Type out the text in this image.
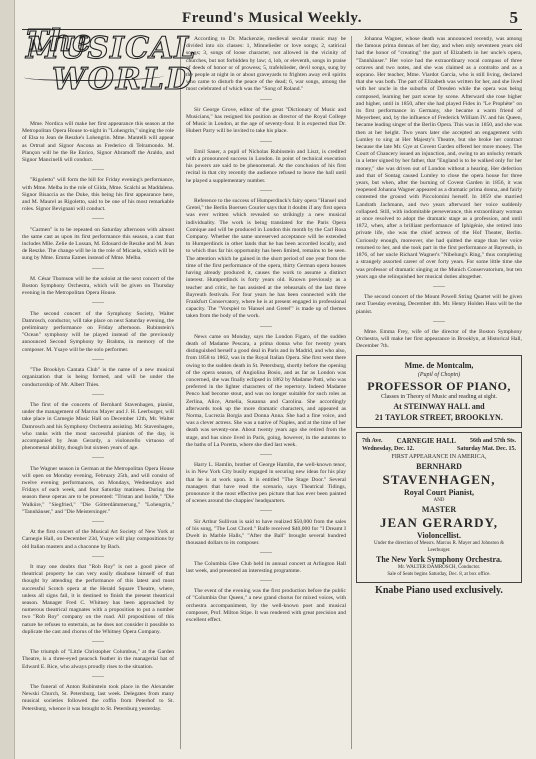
Freund's Musical Weekly.	5
The MUSICAL
WORLD

Mme. Nordica will make her first appearance this season at the Metropolitan Opera House to-night in "Lohengrin," singing the role of Elsa to Jean de Reszke's Lohengrin. Mme. Mantelli will appear as Ortrud and Signor Ancona as Frederico di Telramondo. M. Plançon will be the Re Enrico, Signor Abramoff the Araldo, and Signor Mancinelli will conduct.

——

"Rigoletto" will form the bill for Friday evening's performance, with Mme. Melba in the role of Gilda, Mme. Scalchi as Maddalena. Signor Bisaccia as the Duke, this being his first appearance here, and M. Maurel as Rigoletto, said to be one of his most remarkable roles. Signor Bevignani will conduct.

——

"Carmen" is to be repeated on Saturday afternoon with almost the same cast as upon its first performance this season, a cast that includes Mlle. Zelie de Lussan, M. Edouard de Reszke and M. Jean de Reszke. The change will be in the role of Micaela, which will be sung by Mme. Emma Eames instead of Mme. Melba.

——

M. César Thomson will be the soloist at the next concert of the Boston Symphony Orchestra, which will be given on Thursday evening in the Metropolitan Opera House.

——

The second concert of the Symphony Society, Walter Damrosch, conductor, will take place on next Saturday evening, the preliminary performance on Friday afternoon. Rubinstein's "Ocean" symphony will be played instead of the previously announced Second Symphony by Brahms, in memory of the composer. M. Ysaye will be the solo performer.

——

"The Brooklyn Cantata Club" is the name of a new musical organization that is being formed, and will be under the conductorship of Mr. Albert Thies.

——

The first of the concerts of Bernhard Stavenhagen, pianist, under the management of Marcus Mayer and J. H. Leerburger, will take place in Carnegie Music Hall on December 12th, Mr. Walter Damrosch and his Symphony Orchestra assisting. Mr. Stavenhagen, who ranks with the most successful pianists of the day, is accompanied by Jean Gerardy, a violoncello virtuoso of phenomenal ability, though but sixteen years of age.

——

The Wagner season in German at the Metropolitan Opera House will open on Monday evening, February 25th, and will consist of twelve evening performances, on Mondays, Wednesdays and Fridays of each week, and four Saturday matinees. During the season these operas are to be presented: "Tristan and Isolde," "Die Walküre," "Siegfried," "Die Götterdämmerung," "Lohengrin," "Tannhäuser," and "Die Meistersinger."

——

At the first concert of the Musical Art Society of New York at Carnegie Hall, on December 23d, Ysaye will play compositions by old Italian masters and a chaconne by Bach.

——

It may one doubts that "Rob Roy" is not a good piece of theatrical property he can very easily disabuse himself of that thought by attending the performance of this latest and most successful Scotch opera at the Herald Square Theatre, where, unless all signs fail, it is destined to finish the present theatrical season. Manager Fred C. Whitney has been approached by numerous theatrical magnates with a proposition to put a number two "Rob Roy" company on the road. All propositions of this nature he refuses to entertain, as he does not consider it possible to duplicate the cast and chorus of the Whitney Opera Company.

——

The triumph of "Little Christopher Columbus," at the Garden Theatre, is a three-eyed peacock feather in the managerial hat of Edward E. Rice, who always proudly rises to the situation.

——

The funeral of Anton Rubinstein took place in the Alexander Newski Church, St. Petersburg, last week. Delegates from many musical societies followed the coffin from Peterhof to St. Petersburg, whence it was brought to St. Petersburg yesterday.

According to Dr. Mackenzie, medieval secular music may be divided into six classes: 1, Minnelieder or love songs; 2, satirical songs; 3, songs of loose character, not allowed in the vicinity of churches, but not forbidden by law; 4, lob, or eleventh, songs in praise of deeds of honor or of prowess; 5, trafelslieder, devil songs, sung by the people at night in or about graveyards to frighten away evil spirits who came to disturb the peace of the dead; 6, war songs, among the most celebrated of which was the "Song of Roland."

——

Sir George Grove, editor of the great "Dictionary of Music and Musicians," has resigned his position as director of the Royal College of Music in London, at the age of seventy-four. It is expected that Dr. Hubert Parry will be invited to take his place.

——

Emil Sauer, a pupil of Nicholas Rubinstein and Liszt, is credited with a pronounced success in London. In point of technical execution his powers are said to be phenomenal. At the conclusion of his first recital in that city recently the audience refused to leave the hall until he played a supplementary number.

——

Reference to the success of Humperdinck's fairy opera "Hansel und Gretel," the Berlin Boersen Courier says that it doubts if any first opera was ever written which revealed so strikingly a new musical individuality. The work is being translated for the Paris Opera Comique and will be produced in London this month by the Carl Rosa Company. Whether the same unreserved acceptance will be extended to Humperdinck in other lands that he has been accorded locally, and to which thus far his opportunity has been limited, remains to be seen. The attention which he gained in the short period of one year from the time of the first performance of the opera, thirty German opera houses having already produced it, causes the work to assume a distinct interest. Humperdinck is forty years old. Known previously as a teacher and critic, he has assisted at the rehearsals of the last three Bayreuth festivals. For four years he has been connected with the Frankfurt Conservatory, where he is at present engaged in professional capacity. The "Vorspiel to 'Hansel and Gretel'" is made up of themes taken from the body of the work.

——

News came on Monday, says the London Figaro, of the sudden death of Madame Pescara, a prima donna who for twenty years distinguished herself a good deal in Paris and in Madrid, and who also, from 1858 to 1862, was in the Royal Italian Opera. She first went there owing to the sudden death in St. Petersburg, shortly before the opening of the opera season, of Angiolina Bosio, and as far as London was concerned, she was finally eclipsed in 1862 by Madame Patti, who was preferred in the lighter characters of the repertory. Indeed Madame Penco had become stout, and was no longer suitable for such roles as Zerlina, Alice, Amelia, Susanna and Carolina. She accordingly afterwards took up the more dramatic characters, and appeared as Norma, Lucrezia Borgia and Donna Anna. She had a fine voice, and was a clever actress. She was a native of Naples, and at the time of her death was seventy-one. About twenty years ago she retired from the stage, and has since lived in Paris, going, however, in the autumns to the baths of La Poretta, where she died last week.

——

Harry L. Hamlin, brother of George Hamlin, the well-known tenor, is in New York City busily engaged in securing new ideas for his play that he is at work upon. It is entitled "The Stage Door." Several managers that have read the scenario, says Theatrical Tidings, pronounce it the most effective pen picture that has ever been painted of scenes around the chappies' headquarters.

——

Sir Arthur Sullivan is said to have realized $50,000 from the sales of his song, "The Lost Chord." Balfe received $40,000 for "I Dreamt I Dwelt in Marble Halls," "After the Ball" brought several hundred thousand dollars to its composer.

——

The Columbia Glee Club held its annual concert at Arlington Hall last week, and presented an interesting programme.

——

The event of the evening was the first production before the public of "Columbia Our Queen," a new grand chorus for mixed voices, with orchestra accompaniment, by the well-known poet and musical composer, Prof. Milton Stipe. It was rendered with great precision and excellent effect.

Johanna Wagner, whose death was announced recently, was among the famous prima donnas of her day, and when only seventeen years old had the honor of "creating" the part of Elizabeth in her uncle's opera, "Tannhäuser." Her voice had the extraordinary vocal compass of three octaves and two notes, and she was claimed as a contralto and as a soprano. Her teacher, Mme. Viardot Garcia, who is still living, declared that she was both. The part of Elizabeth was written for her, and she lived with her uncle in the suburbs of Dresden while the opera was being composed, learning her part scene by scene. Afterward she rose higher and higher, until in 1850, after she had played Fides in "Le Prophète" on its first performance in Germany, she became a warm friend of Meyerbeer, and, by the influence of Frederick William IV. and his Queen, became leading singer of the Berlin Opera. This was in 1850, and she was then at her height. Two years later she accepted an engagement with Lumley to sing at Her Majesty's Theatre, but she broke her contract because the late Mr. Gye at Covent Garden offered her more money. The Court of Chancery issued an injunction, and, owing to an unlucky remark in a letter signed by her father, that "England is to be walked only for her money," she was driven out of London without a hearing. Her defection and that of Sontag caused Lumley to close the opera house for three years, but when, after the burning of Covent Garden in 1856, it was reopened Johanna Wagner appeared as a dramatic prima donna, and fairly contested the ground with Piccolomini herself. In 1859 she married Landrath Jachmann, and two years afterward her voice suddenly collapsed. Still, with indomitable perseverance, this extraordinary woman at once resolved to adopt the dramatic stage as a profession, and until 1872, when, after a brilliant performance of Iphigénie, she retired into private life, she was the chief actress of the Hof Theater, Berlin. Curiously enough, moreover, she had quitted the stage than her voice returned to her, and she took part in the first performance at Bayreuth, in 1876, of her uncle Richard Wagner's "Nibelung's Ring," thus completing a strangely assorted career of over forty years. For some little time she was professor of dramatic singing at the Munich Conservatorium, but ten years ago she relinquished her musical duties altogether.

——

The second concert of the Mount Powell String Quartet will be given next Tuesday evening, December 4th. Mr. Henry Holden Huss will be the pianist.

——

Mme. Emma Frey, wife of the director of the Boston Symphony Orchestra, will make her first appearance in Brooklyn, at Historical Hall, December 7th.

Mme. de Montcalm,
(Pupil of Chopin)
PROFESSOR OF PIANO,
Classes in Theory of Music and reading at sight.
At STEINWAY HALL and
21 TAYLOR STREET, BROOKLYN.
7th Ave. CARNEGIE HALL 56th and 57th Sts.
Wednesday, Dec. 12.	Saturday Mat. Dec. 15.
FIRST APPEARANCE IN AMERICA,
BERNHARD
STAVENHAGEN,
Royal Court Pianist,
AND
MASTER
JEAN GERARDY,
Violoncellist.
Under the direction of Messrs. Marcus R. Mayer and Johnston & Leerburger.
The New York Symphony Orchestra.
Mr. WALTER DAMROSCH, Conductor.
Sale of Seats begins Saturday, Dec. 8, at box office.
Knabe Piano used exclusively.
